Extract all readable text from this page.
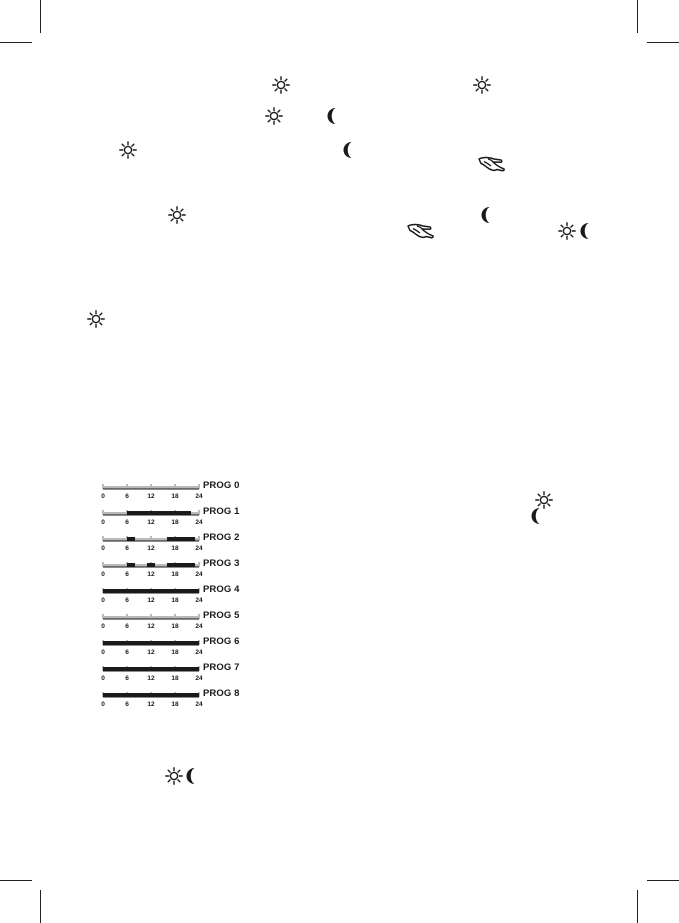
0	6	12	18	24
PROG 0
0	6	12	18	24
PROG 1
0	6	12	18	24
PROG 2
0	6	12	18	24
PROG 3
0	6	12	18	24
PROG 4
0	6	12	18	24
PROG 5
0	6	12	18	24
PROG 6
0	6	12	18	24
PROG 7
0	6	12	18	24
PROG 8
